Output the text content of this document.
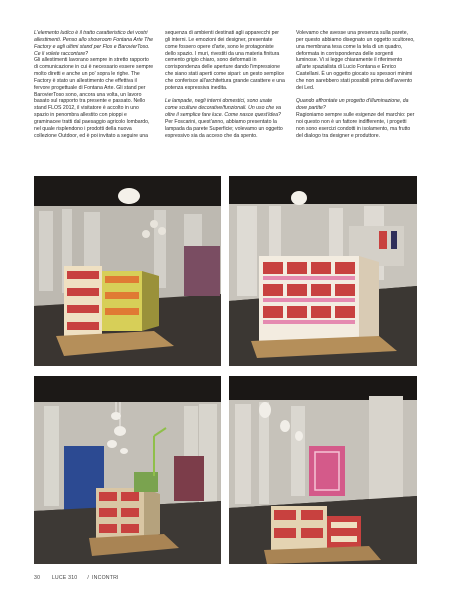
L'elemento ludico è il tratto caratteristico dei vostri allestimenti. Penso allo showroom Fontana Arte The Factory e agli ultimi stand per Flos e BarovierToso. Ce li volete raccontare?

Gli allestimenti lavorano sempre in stretto rapporto di comunicazione in cui è necessario essere sempre molto diretti e anche un po' sopra le righe. The Factory è stato un allestimento che effettiva il fervore progettuale di Fontana Arte. Gli stand per BarovierToso sono, ancora una volta, un lavoro basato sul rapporto tra presente e passato. Nello stand FLOS 2012, il visitatore è accolto in uno spazio in penombra allestito con pioppi e graminacee tratti dal paesaggio agricolo lombardo, nel quale risplendono i prodotti della nuova collezione Outdoor, ed è poi invitato a seguire una

sequenza di ambienti destinati agli apparecchi per gli interni. Le emozioni dei designer, presentate come fossero opere d'arte, sono le protagoniste dello spazio. I muri, rivestiti da una materia finitura cemento grigio chiaro, sono deformati in corrispondenza delle aperture dando l'impressione che siano stati aperti come sipari: un gesto semplice che conferisce all'architettura grande carattere e una potenza espressiva inedita.

Le lampade, negli interni domestici, sono usate come sculture decorative/funzionali. Un uso che va oltre il semplice fare luce. Come nasce quest'idea?

Per Foscarini, quest'anno, abbiamo presentato la lampada da parete Superficie; volevamo un oggetto espressivo sia da acceso che da spento.

Volevamo che avesse una presenza sulla parete, per questo abbiamo disegnato un oggetto scultoreo, una membrana tesa come la tela di un quadro, deformata in corrispondenza delle sorgenti luminose. Vi si legge chiaramente il riferimento all'arte spazialista di Lucio Fontana e Enrico Castellani. È un oggetto giocato su spessori minimi che non sarebbero stati possibili prima dell'avvento dei Led.

Quando affrontate un progetto d'illuminazione, da dove partite?

Ragioniamo sempre sulle esigenze del marchio: per noi questo non è un fattore indifferente, i progetti non sono esercizi condotti in isolamento, ma frutto del dialogo tra designer e produttore.

30 LUCE 310 / INCONTRI
